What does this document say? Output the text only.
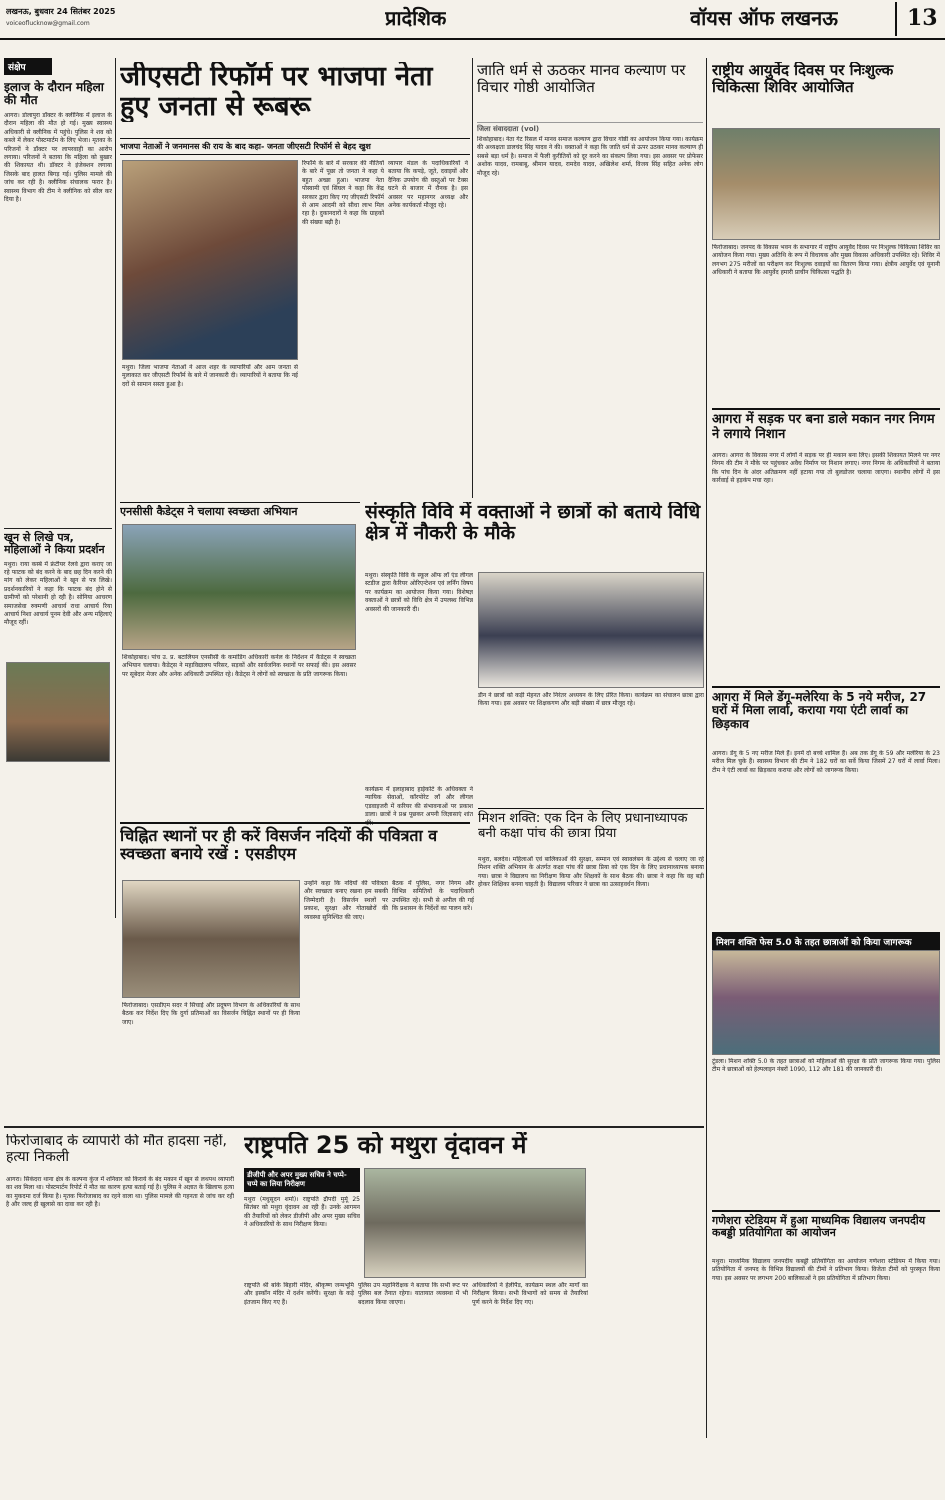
लखनऊ, बुधवार 24 सितंबर 2025
voiceoflucknow@gmail.com	प्रादेशिक	वॉयस ऑफ लखनऊ	13
संक्षेप
इलाज के दौरान महिला की मौत
आगरा। डोलापुरा डॉक्टर के क्लीनिक में इलाज के दौरान महिला की मौत हो गई। मुख्य स्वास्थ्य अधिकारी से क्लीनिक में पहुंचे। पुलिस ने शव को कब्जे में लेकर पोस्टमार्टम के लिए भेजा। मृतका के परिजनों ने डॉक्टर पर लापरवाही का आरोप लगाया। परिजनों ने बताया कि महिला को बुखार की शिकायत थी। डॉक्टर ने इंजेक्शन लगाया जिसके बाद हालत बिगड़ गई। पुलिस मामले की जांच कर रही है। क्लीनिक संचालक फरार है। स्वास्थ्य विभाग की टीम ने क्लीनिक को सील कर दिया है।
खून से लिखे पत्र, महिलाओं ने किया प्रदर्शन
मथुरा। राया कस्बे में फ्रंटीयर रेलवे द्वारा कराए जा रहे फाटक को बंद करने के बाद छह दिन करने की मांग को लेकर महिलाओं ने खून से पत्र लिखे। प्रदर्शनकारियों ने कहा कि फाटक बंद होने से ग्रामीणों को परेशानी हो रही है। सोनिया आचरण समाजसेवा रुक्मणी आचार्य राधा आचार्य रिया आचार्य निशा आचार्य पूनम देवी और अन्य महिलाएं मौजूद रहीं।
जीएसटी रिफॉर्म पर भाजपा नेता हुए जनता से रूबरू
भाजपा नेताओं ने जनमानस की राय के बाद कहा- जनता जीएसटी रिफॉर्म से बेहद खुश
मथुरा। जिला भाजपा नेताओं ने आज शहर के व्यापारियों और आम जनता से मुलाकात कर जीएसटी रिफॉर्म के बारे में जानकारी दी। व्यापारियों ने बताया कि नई दरों से सामान सस्ता हुआ है।
रिफॉर्म के बारे में सरकार की नीतियों के बारे में पूछा तो जनता ने कहा ये बहुत अच्छा हुआ। भाजपा नेता पोस्वामी एवं सिंघल ने कहा कि केंद्र सरकार द्वारा किए गए जीएसटी रिफॉर्म से आम आदमी को सीधा लाभ मिल रहा है। दुकानदारों ने कहा कि ग्राहकों की संख्या बढ़ी है।
व्यापार मंडल के पदाधिकारियों ने बताया कि कपड़े, जूते, दवाइयों और दैनिक उपयोग की वस्तुओं पर टैक्स घटने से बाजार में रौनक है। इस अवसर पर महानगर अध्यक्ष और अनेक कार्यकर्ता मौजूद रहे।
जाति धर्म से ऊठकर मानव कल्याण पर विचार गोष्ठी आयोजित
जिला संवाददाता (vol)
शिकोहाबाद। नेता गेट रिसल में मानव समाज कल्याण द्वारा विचार गोष्ठी का आयोजन किया गया। कार्यक्रम की अध्यक्षता डालचंद सिंह यादव ने की। वक्ताओं ने कहा कि जाति धर्म से ऊपर उठकर मानव कल्याण ही सबसे बड़ा धर्म है। समाज में फैली कुरीतियों को दूर करने का संकल्प लिया गया। इस अवसर पर प्रोफेसर अशोक यादव, रामबाबू, श्रीमान यादव, रामदेव यादव, अखिलेश शर्मा, विजय सिंह सहित अनेक लोग मौजूद रहे।
राष्ट्रीय आयुर्वेद दिवस पर निःशुल्क चिकित्सा शिविर आयोजित
फिरोजाबाद। जनपद के विकास भवन के सभागार में राष्ट्रीय आयुर्वेद दिवस पर निःशुल्क चिकित्सा शिविर का आयोजन किया गया। मुख्य अतिथि के रूप में विधायक और मुख्य विकास अधिकारी उपस्थित रहे। शिविर में लगभग 275 मरीजों का परीक्षण कर निःशुल्क दवाइयों का वितरण किया गया। क्षेत्रीय आयुर्वेद एवं यूनानी अधिकारी ने बताया कि आयुर्वेद हमारी प्राचीन चिकित्सा पद्धति है।
आगरा में सड़क पर बना डाले मकान नगर निगम ने लगाये निशान
आगरा। आगरा के विकास नगर में लोगों ने सड़क पर ही मकान बना लिए। इसकी शिकायत मिलने पर नगर निगम की टीम ने मौके पर पहुंचकर अवैध निर्माण पर निशान लगाए। नगर निगम के अधिकारियों ने बताया कि पांच दिन के अंदर अतिक्रमण नहीं हटाया गया तो बुलडोजर चलाया जाएगा। स्थानीय लोगों में इस कार्रवाई से हड़कंप मचा रहा।
एनसीसी कैडेट्स ने चलाया स्वच्छता अभियान
शिकोहाबाद। पांच उ. प्र. बटालियन एनसीसी के कमांडिंग अधिकारी कर्नल के निर्देशन में कैडेट्स ने स्वच्छता अभियान चलाया। कैडेट्स ने महाविद्यालय परिसर, सड़कों और सार्वजनिक स्थानों पर सफाई की। इस अवसर पर सूबेदार मेजर और अनेक अधिकारी उपस्थित रहे। कैडेट्स ने लोगों को स्वच्छता के प्रति जागरूक किया।
संस्कृति विवि में वक्ताओं ने छात्रों को बताये विधि क्षेत्र में नौकरी के मौके
मथुरा। संस्कृति विवि के स्कूल ऑफ लॉ एंड लीगल स्टडीज द्वारा कैरियर ओरिएन्टेशन एवं लर्निंग विषय पर कार्यक्रम का आयोजन किया गया। विशेषज्ञ वक्ताओं ने छात्रों को विधि क्षेत्र में उपलब्ध विभिन्न अवसरों की जानकारी दी।
कार्यक्रम में इलाहाबाद हाईकोर्ट के अधिवक्ता ने न्यायिक सेवाओं, कॉरपोरेट लॉ और लीगल एडवाइजरी में करियर की संभावनाओं पर प्रकाश डाला। छात्रों ने प्रश्न पूछकर अपनी जिज्ञासाएं शांत कीं।
डीन ने छात्रों को कड़ी मेहनत और निरंतर अध्ययन के लिए प्रेरित किया। कार्यक्रम का संचालन छात्रा द्वारा किया गया। इस अवसर पर शिक्षकगण और बड़ी संख्या में छात्र मौजूद रहे।
मिशन शक्ति: एक दिन के लिए प्रधानाध्यापक बनी कक्षा पांच की छात्रा प्रिया
मथुरा, बलदेव। महिलाओं एवं बालिकाओं की सुरक्षा, सम्मान एवं स्वावलंबन के उद्देश्य से चलाए जा रहे मिशन शक्ति अभियान के अंतर्गत कक्षा पांच की छात्रा प्रिया को एक दिन के लिए प्रधानाध्यापक बनाया गया। छात्रा ने विद्यालय का निरीक्षण किया और शिक्षकों के साथ बैठक की। छात्रा ने कहा कि वह बड़ी होकर शिक्षिका बनना चाहती है। विद्यालय परिवार ने छात्रा का उत्साहवर्धन किया।
आगरा में मिले डेंगू-मलेरिया के 5 नये मरीज, 27 घरों में मिला लार्वा, कराया गया एंटी लार्वा का छिड़काव
आगरा। डेंगू के 5 नए मरीज मिले हैं। इनमें दो बच्चे शामिल हैं। अब तक डेंगू के 59 और मलेरिया के 23 मरीज मिल चुके हैं। स्वास्थ्य विभाग की टीम ने 182 घरों का सर्वे किया जिसमें 27 घरों में लार्वा मिला। टीम ने एंटी लार्वा का छिड़काव कराया और लोगों को जागरूक किया।
चिह्नित स्थानों पर ही करें विसर्जन नदियों की पवित्रता व स्वच्छता बनाये रखें : एसडीएम
फिरोजाबाद। एसडीएम सदर ने सिंचाई और प्रदूषण विभाग के अधिकारियों के साथ बैठक कर निर्देश दिए कि दुर्गा प्रतिमाओं का विसर्जन चिह्नित स्थानों पर ही किया जाए।
उन्होंने कहा कि नदियों की पवित्रता और स्वच्छता बनाए रखना हम सबकी जिम्मेदारी है। विसर्जन स्थलों पर प्रकाश, सुरक्षा और गोताखोरों की व्यवस्था सुनिश्चित की जाए।
बैठक में पुलिस, नगर निगम और विभिन्न समितियों के पदाधिकारी उपस्थित रहे। सभी से अपील की गई कि प्रशासन के निर्देशों का पालन करें।
मिशन शक्ति फेस 5.0 के तहत छात्राओं को किया जागरूक
टूंडला। मिशन शक्ति 5.0 के तहत छात्राओं को महिलाओं की सुरक्षा के प्रति जागरूक किया गया। पुलिस टीम ने छात्राओं को हेल्पलाइन नंबरों 1090, 112 और 181 की जानकारी दी।
गणेशरा स्टेडियम में हुआ माध्यमिक विद्यालय जनपदीय कबड्डी प्रतियोगिता का आयोजन
मथुरा। माध्यमिक विद्यालय जनपदीय कबड्डी प्रतियोगिता का आयोजन गणेशरा स्टेडियम में किया गया। प्रतियोगिता में जनपद के विभिन्न विद्यालयों की टीमों ने प्रतिभाग किया। विजेता टीमों को पुरस्कृत किया गया। इस अवसर पर लगभग 200 बालिकाओं ने इस प्रतियोगिता में प्रतिभाग किया।
फिरोजाबाद के व्यापारी की मौत हादसा नहीं, हत्या निकली
आगरा। सिकंदरा थाना क्षेत्र के कल्पना कुंज में शनिवार को किराये के बंद मकान में खून से लथपथ व्यापारी का शव मिला था। पोस्टमार्टम रिपोर्ट में मौत का कारण हत्या बताई गई है। पुलिस ने अज्ञात के खिलाफ हत्या का मुकदमा दर्ज किया है। मृतक फिरोजाबाद का रहने वाला था। पुलिस मामले की गहनता से जांच कर रही है और जल्द ही खुलासे का दावा कर रही है।
राष्ट्रपति 25 को मथुरा वृंदावन में
डीजीपी और अपर मुख्य सचिव ने चप्पे-चप्पे का लिया निरीक्षण
मथुरा (मधुसूदन शर्मा)। राष्ट्रपति द्रौपदी मुर्मू 25 सितंबर को मथुरा वृंदावन आ रही हैं। उनके आगमन की तैयारियों को लेकर डीजीपी और अपर मुख्य सचिव ने अधिकारियों के साथ निरीक्षण किया।
राष्ट्रपति श्री बांके बिहारी मंदिर, श्रीकृष्ण जन्मभूमि और इस्कॉन मंदिर में दर्शन करेंगी। सुरक्षा के कड़े इंतजाम किए गए हैं।
पुलिस उप महानिरीक्षक ने बताया कि सभी रूट पर पुलिस बल तैनात रहेगा। यातायात व्यवस्था में भी बदलाव किया जाएगा।
अधिकारियों ने हेलीपैड, कार्यक्रम स्थल और मार्गों का निरीक्षण किया। सभी विभागों को समय से तैयारियां पूर्ण करने के निर्देश दिए गए।
